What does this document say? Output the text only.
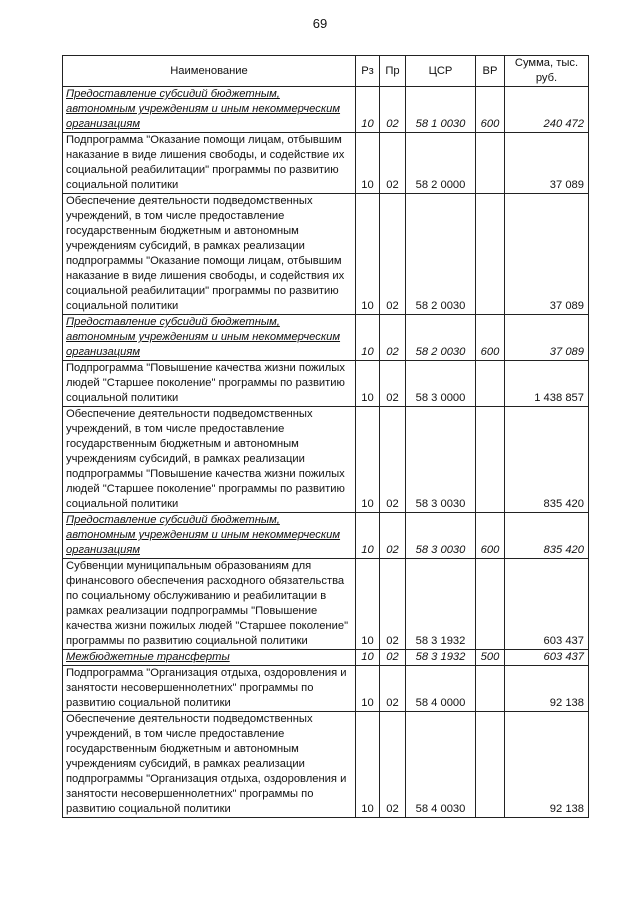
69
Наименование	Рз	Пр	ЦСР	ВР	Сумма, тыс. руб.
Предоставление субсидий бюджетным, автономным учреждениям и иным некоммерческим организациям	10	02	58 1 0030	600	240 472
Подпрограмма "Оказание помощи лицам, отбывшим наказание в виде лишения свободы, и содействие их социальной реабилитации" программы по развитию социальной политики	10	02	58 2 0000		37 089
Обеспечение деятельности подведомственных учреждений, в том числе предоставление государственным бюджетным и автономным учреждениям субсидий, в рамках реализации подпрограммы "Оказание помощи лицам, отбывшим наказание в виде лишения свободы, и содействия их социальной реабилитации" программы по развитию социальной политики	10	02	58 2 0030		37 089
Предоставление субсидий бюджетным, автономным учреждениям и иным некоммерческим организациям	10	02	58 2 0030	600	37 089
Подпрограмма "Повышение качества жизни пожилых людей "Старшее поколение" программы по развитию социальной политики	10	02	58 3 0000		1 438 857
Обеспечение деятельности подведомственных учреждений, в том числе предоставление государственным бюджетным и автономным учреждениям субсидий, в рамках реализации подпрограммы "Повышение качества жизни пожилых людей "Старшее поколение" программы по развитию социальной политики	10	02	58 3 0030		835 420
Предоставление субсидий бюджетным, автономным учреждениям и иным некоммерческим организациям	10	02	58 3 0030	600	835 420
Субвенции муниципальным образованиям для финансового обеспечения расходного обязательства по социальному обслуживанию и реабилитации в рамках реализации подпрограммы "Повышение качества жизни пожилых людей "Старшее поколение" программы по развитию социальной политики	10	02	58 3 1932		603 437
Межбюджетные трансферты	10	02	58 3 1932	500	603 437
Подпрограмма "Организация отдыха, оздоровления и занятости несовершеннолетних" программы по развитию социальной политики	10	02	58 4 0000		92 138
Обеспечение деятельности подведомственных учреждений, в том числе предоставление государственным бюджетным и автономным учреждениям субсидий, в рамках реализации подпрограммы "Организация отдыха, оздоровления и занятости несовершеннолетних" программы по развитию социальной политики	10	02	58 4 0030		92 138
